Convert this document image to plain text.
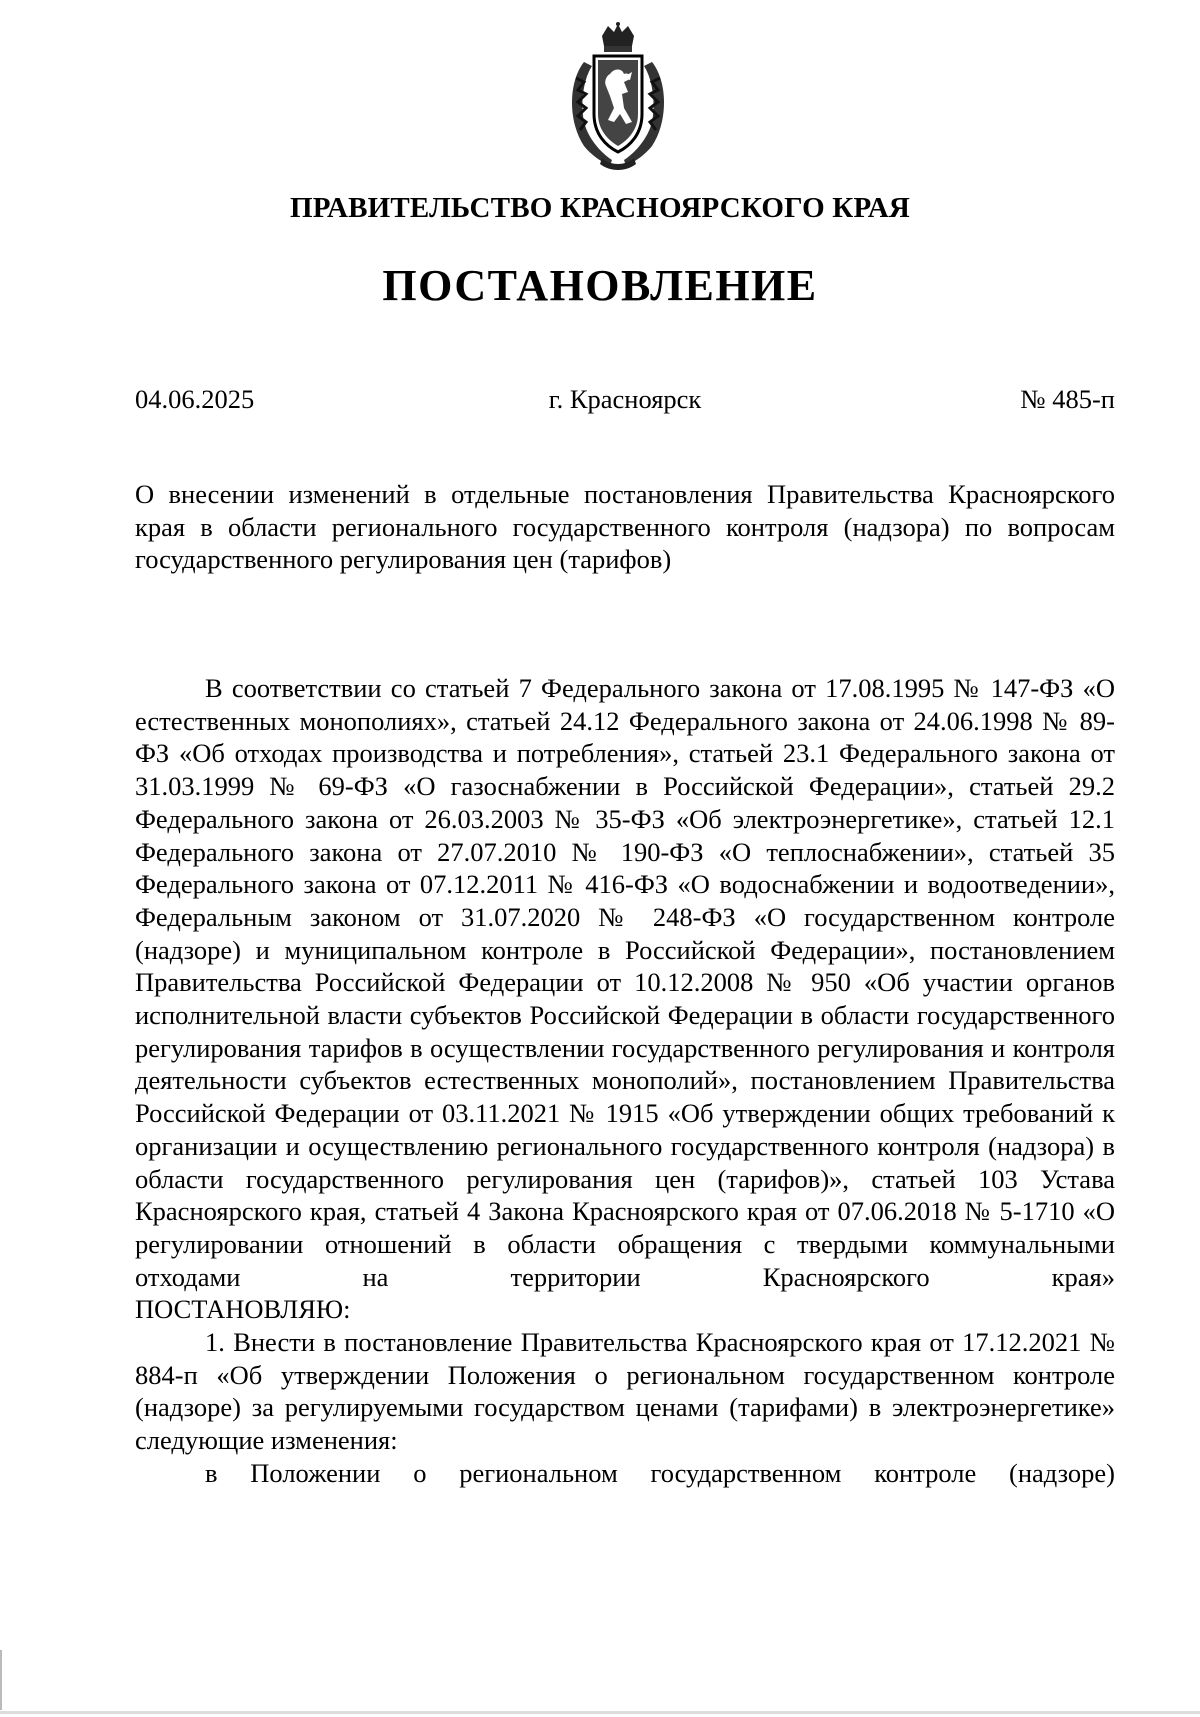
ПРАВИТЕЛЬСТВО КРАСНОЯРСКОГО КРАЯ
ПОСТАНОВЛЕНИЕ
г. Красноярск
04.06.2025	№ 485-п

О внесении изменений в отдельные постановления Правительства Красноярского края в области регионального государственного контроля (надзора) по вопросам государственного регулирования цен (тарифов)

В соответствии со статьей 7 Федерального закона от 17.08.1995 № 147-ФЗ «О естественных монополиях», статьей 24.12 Федерального закона от 24.06.1998 № 89-ФЗ «Об отходах производства и потребления», статьей 23.1 Федерального закона от 31.03.1999 № 69-ФЗ «О газоснабжении в Российской Федерации», статьей 29.2 Федерального закона от 26.03.2003 № 35-ФЗ «Об электроэнергетике», статьей 12.1 Федерального закона от 27.07.2010 № 190-ФЗ «О теплоснабжении», статьей 35 Федерального закона от 07.12.2011 № 416-ФЗ «О водоснабжении и водоотведении», Федеральным законом от 31.07.2020 № 248-ФЗ «О государственном контроле (надзоре) и муниципальном контроле в Российской Федерации», постановлением Правительства Российской Федерации от 10.12.2008 № 950 «Об участии органов исполнительной власти субъектов Российской Федерации в области государственного регулирования тарифов в осуществлении государственного регулирования и контроля деятельности субъектов естественных монополий», постановлением Правительства Российской Федерации от 03.11.2021 № 1915 «Об утверждении общих требований к организации и осуществлению регионального государственного контроля (надзора) в области государственного регулирования цен (тарифов)», статьей 103 Устава Красноярского края, статьей 4 Закона Красноярского края от 07.06.2018 № 5-1710 «О регулировании отношений в области обращения с твердыми коммунальными отходами на территории Красноярского края»

ПОСТАНОВЛЯЮ:

1. Внести в постановление Правительства Красноярского края от 17.12.2021 № 884-п «Об утверждении Положения о региональном государственном контроле (надзоре) за регулируемыми государством ценами (тарифами) в электроэнергетике» следующие изменения:

в Положении о региональном государственном контроле (надзоре)
